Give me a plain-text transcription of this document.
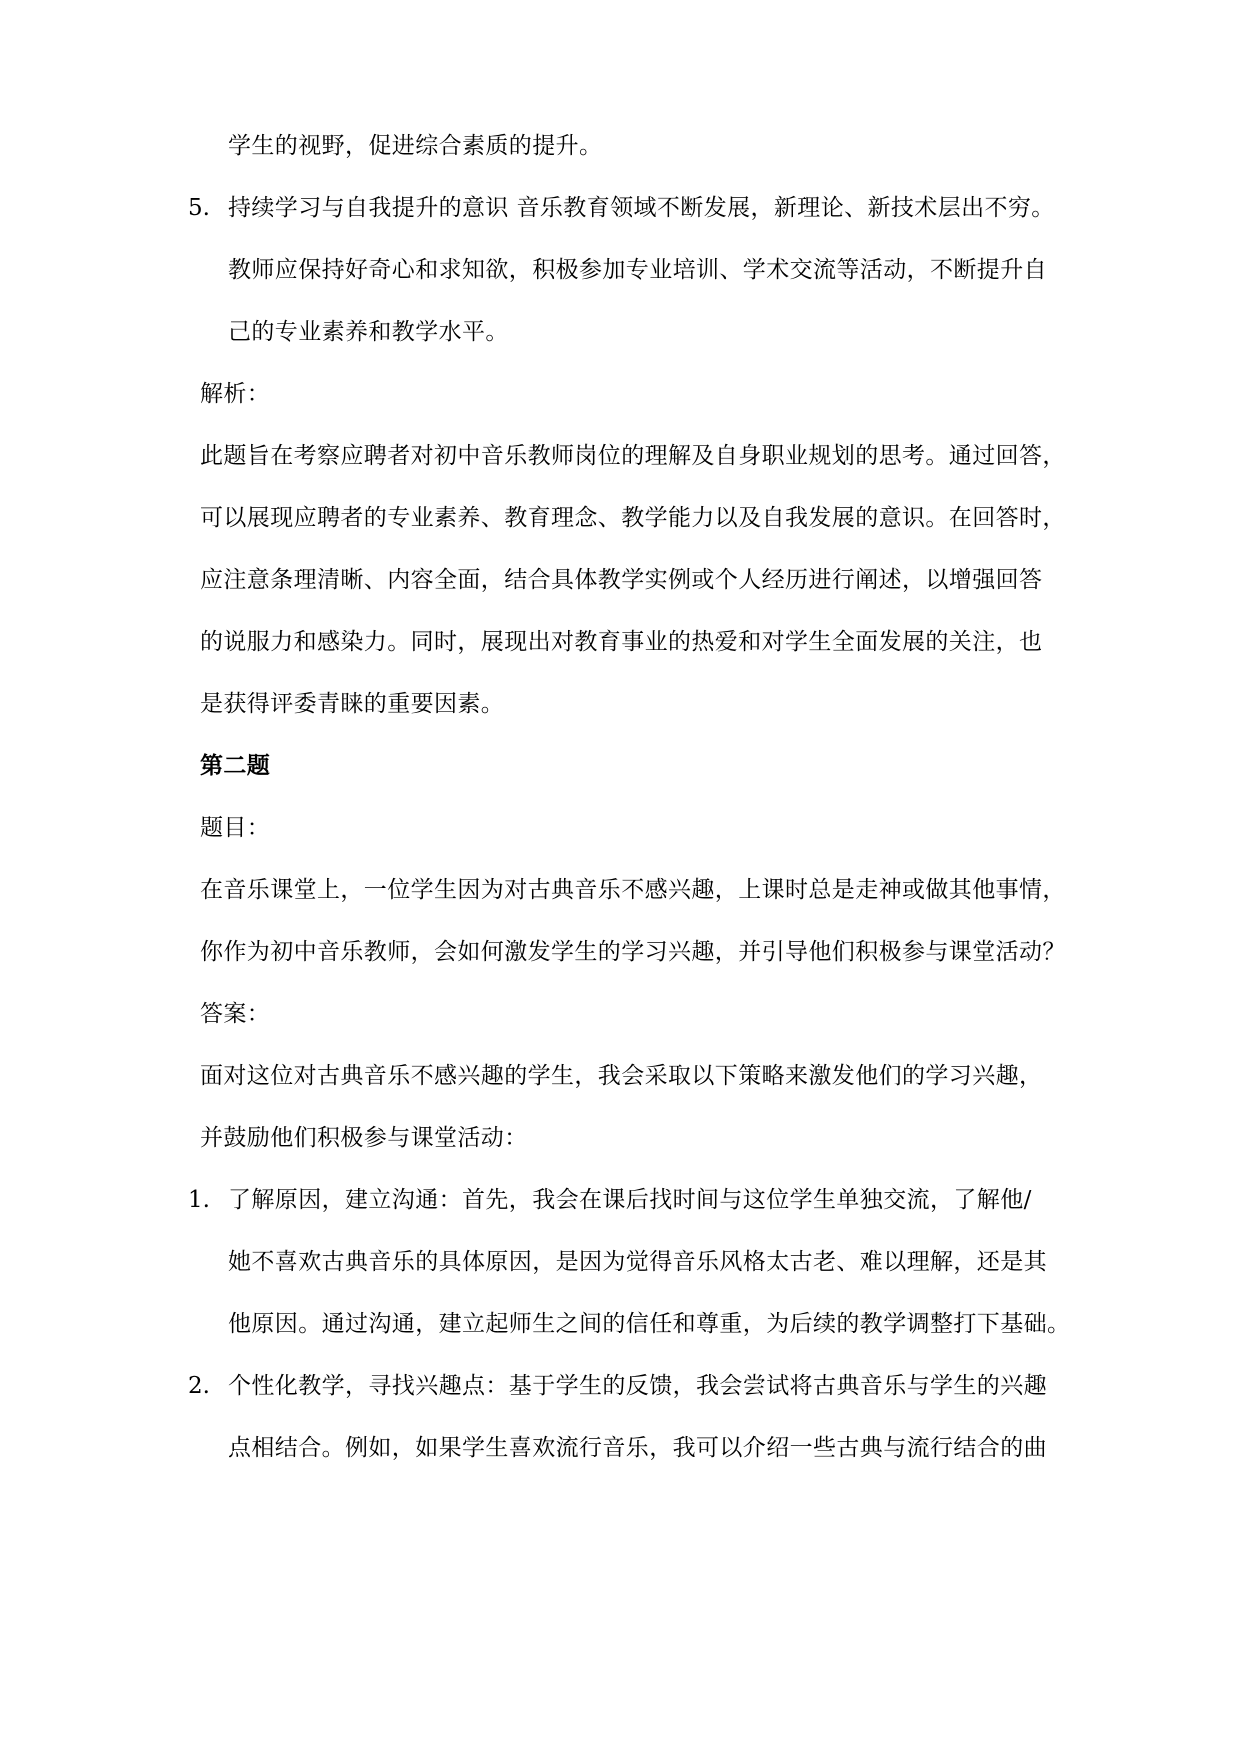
学生的视野，促进综合素质的提升。
5. 持续学习与自我提升的意识 音乐教育领域不断发展，新理论、新技术层出不穷。
教师应保持好奇心和求知欲，积极参加专业培训、学术交流等活动，不断提升自
己的专业素养和教学水平。
解析：
此题旨在考察应聘者对初中音乐教师岗位的理解及自身职业规划的思考。通过回答，
可以展现应聘者的专业素养、教育理念、教学能力以及自我发展的意识。在回答时，
应注意条理清晰、内容全面，结合具体教学实例或个人经历进行阐述，以增强回答
的说服力和感染力。同时，展现出对教育事业的热爱和对学生全面发展的关注，也
是获得评委青睐的重要因素。
第二题
题目：
在音乐课堂上，一位学生因为对古典音乐不感兴趣，上课时总是走神或做其他事情，
你作为初中音乐教师，会如何激发学生的学习兴趣，并引导他们积极参与课堂活动？
答案：
面对这位对古典音乐不感兴趣的学生，我会采取以下策略来激发他们的学习兴趣，
并鼓励他们积极参与课堂活动：
1. 了解原因，建立沟通：首先，我会在课后找时间与这位学生单独交流，了解他/
她不喜欢古典音乐的具体原因，是因为觉得音乐风格太古老、难以理解，还是其
他原因。通过沟通，建立起师生之间的信任和尊重，为后续的教学调整打下基础。
2. 个性化教学，寻找兴趣点：基于学生的反馈，我会尝试将古典音乐与学生的兴趣
点相结合。例如，如果学生喜欢流行音乐，我可以介绍一些古典与流行结合的曲
